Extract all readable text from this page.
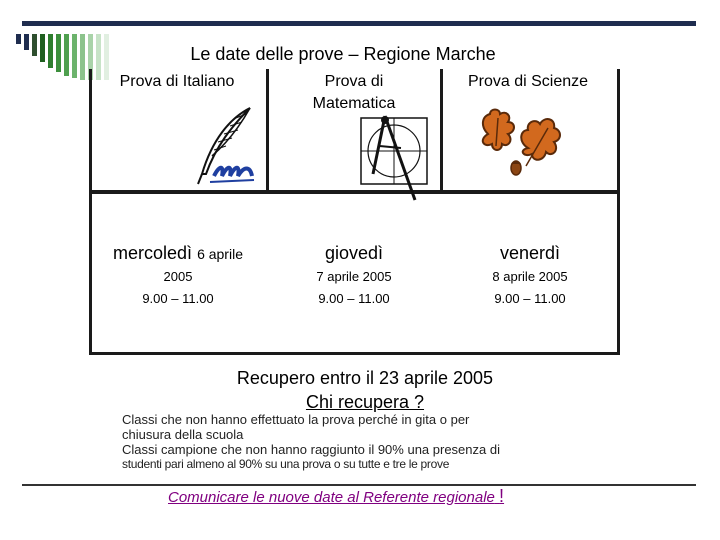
Le date delle prove – Regione Marche
Prova di Italiano	Prova di
Matematica
Prova di Scienze
mercoledì 6 aprile
2005
9.00 – 11.00
giovedì
7 aprile 2005
9.00 – 11.00
venerdì
8 aprile 2005
9.00 – 11.00
Recupero entro il 23 aprile 2005
Chi recupera ?
Classi che non hanno effettuato la prova perché in gita o per
chiusura della scuola
Classi campione che non hanno raggiunto il 90% una presenza di
studenti pari almeno al 90% su una prova o su tutte e tre le prove
Comunicare le nuove date al Referente regionale !
